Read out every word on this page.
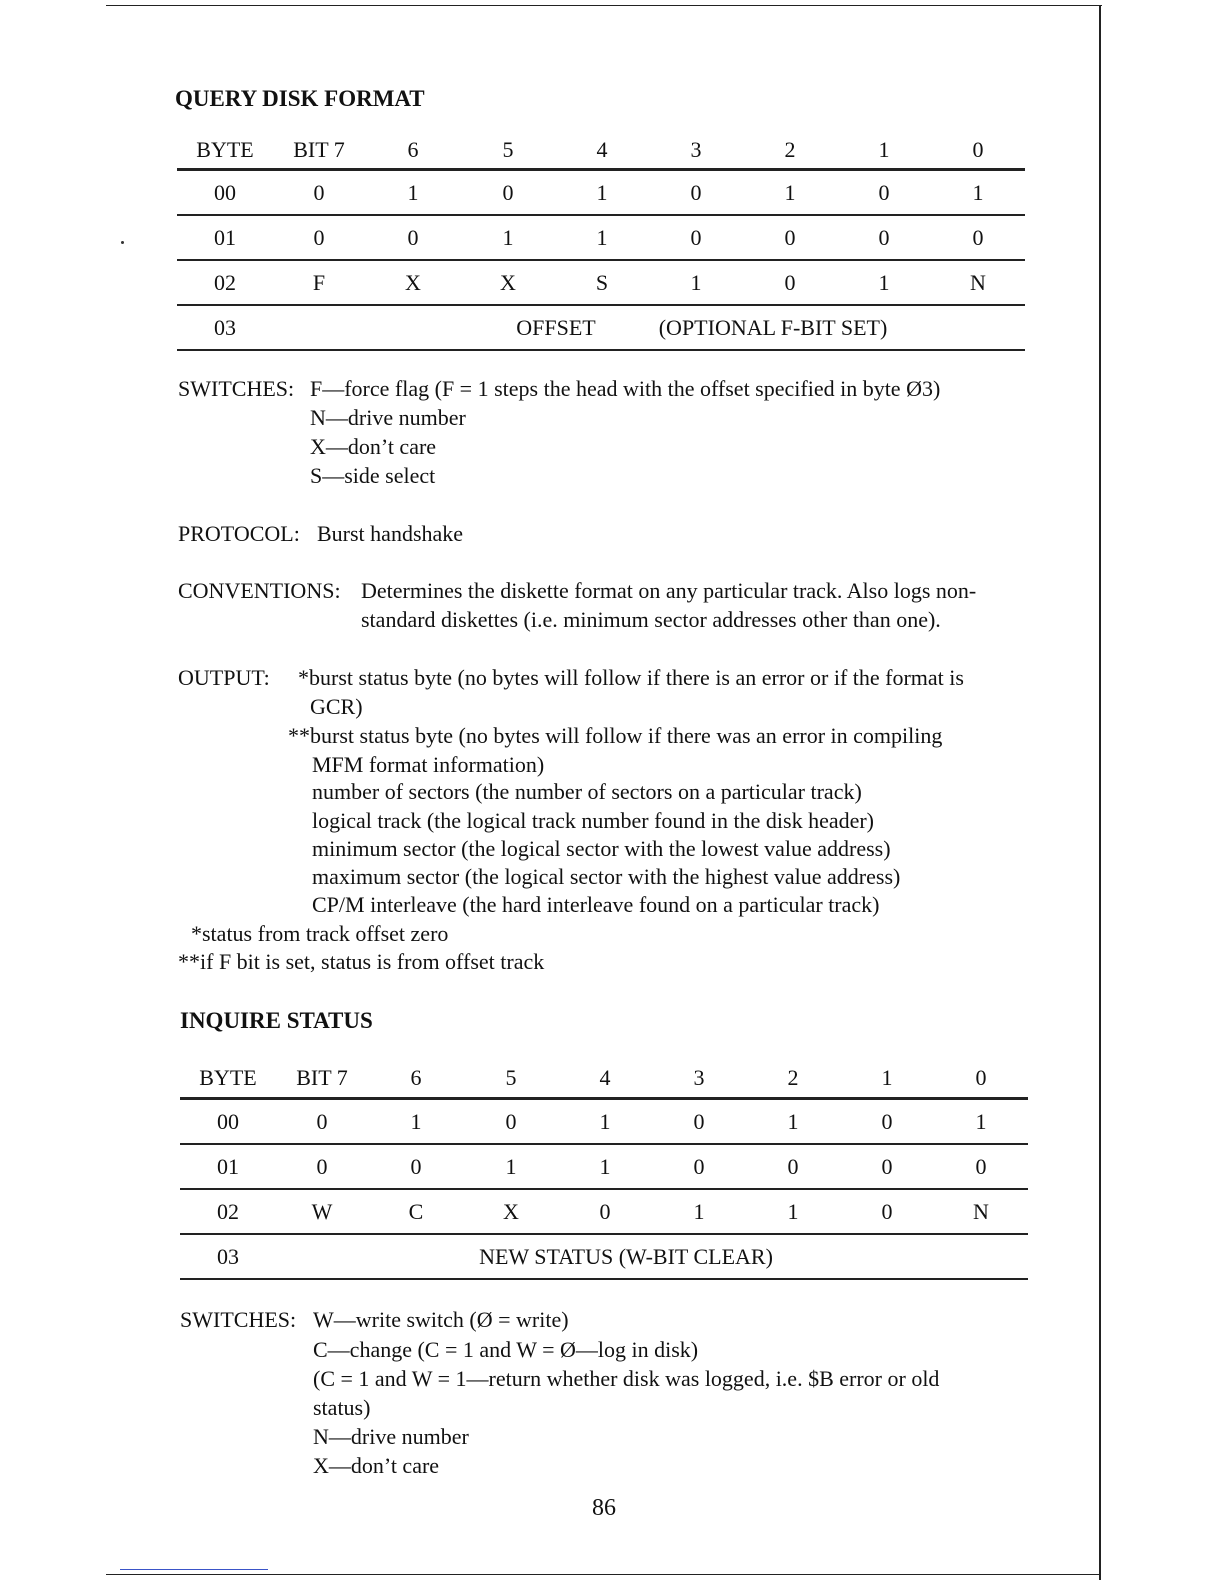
QUERY DISK FORMAT
BYTE BIT 7	6	5	4	3	2	1	0
00	0	1	0	1	0	1	0	1
01	0	0	1	1	0	0	0	0
02	F	X	X	S	1	0	1	N
03	OFFSET	(OPTIONAL F-BIT SET)
SWITCHES: F—force flag (F = 1 steps the head with the offset specified in byte Ø3)
N—drive number
X—don’t care
S—side select
PROTOCOL: Burst handshake
CONVENTIONS: Determines the diskette format on any particular track. Also logs non-
standard diskettes (i.e. minimum sector addresses other than one).
OUTPUT: *burst status byte (no bytes will follow if there is an error or if the format is
GCR)
**burst status byte (no bytes will follow if there was an error in compiling
MFM format information)
number of sectors (the number of sectors on a particular track)
logical track (the logical track number found in the disk header)
minimum sector (the logical sector with the lowest value address)
maximum sector (the logical sector with the highest value address)
CP/M interleave (the hard interleave found on a particular track)
*status from track offset zero
**if F bit is set, status is from offset track
INQUIRE STATUS
BYTE BIT 7	6	5	4	3	2	1	0
00	0	1	0	1	0	1	0	1
01	0	0	1	1	0	0	0	0
02	W	C	X	0	1	1	0	N
03	NEW STATUS (W-BIT CLEAR)
SWITCHES: W—write switch (Ø = write)
C—change (C = 1 and W = Ø—log in disk)
(C = 1 and W = 1—return whether disk was logged, i.e. $B error or old
status)
N—drive number
X—don’t care
86
